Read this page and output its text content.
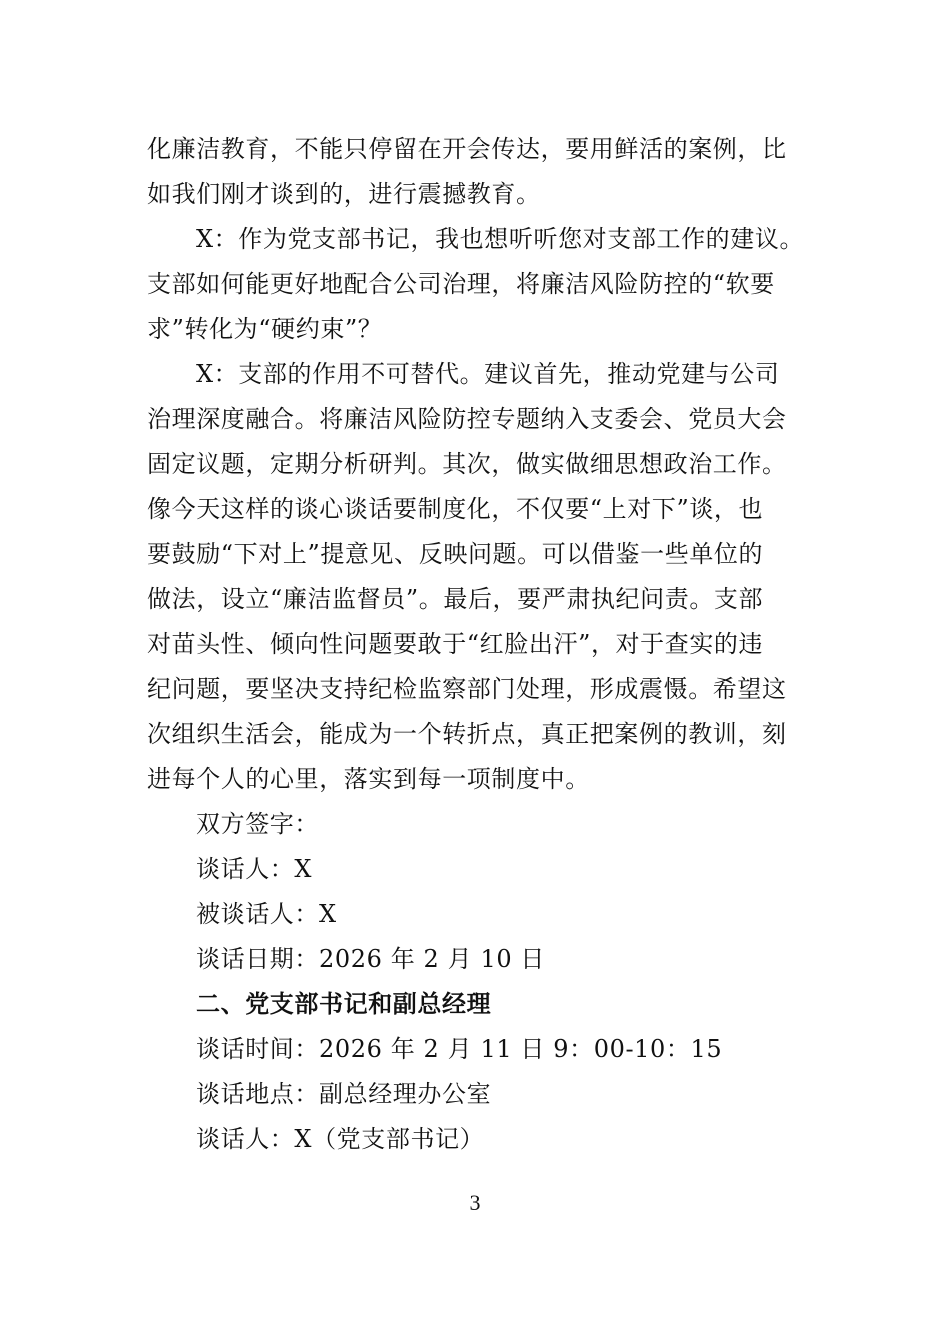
化廉洁教育，不能只停留在开会传达，要用鲜活的案例，比
如我们刚才谈到的，进行震撼教育。
X：作为党支部书记，我也想听听您对支部工作的建议。
支部如何能更好地配合公司治理，将廉洁风险防控的“软要
求”转化为“硬约束”？
X：支部的作用不可替代。建议首先，推动党建与公司
治理深度融合。将廉洁风险防控专题纳入支委会、党员大会
固定议题，定期分析研判。其次，做实做细思想政治工作。
像今天这样的谈心谈话要制度化，不仅要“上对下”谈，也
要鼓励“下对上”提意见、反映问题。可以借鉴一些单位的
做法，设立“廉洁监督员”。最后，要严肃执纪问责。支部
对苗头性、倾向性问题要敢于“红脸出汗”，对于查实的违
纪问题，要坚决支持纪检监察部门处理，形成震慑。希望这
次组织生活会，能成为一个转折点，真正把案例的教训，刻
进每个人的心里，落实到每一项制度中。
双方签字：
谈话人：X
被谈话人：X
谈话日期：2026 年 2 月 10 日
二、党支部书记和副总经理
谈话时间：2026 年 2 月 11 日 9：00-10：15
谈话地点：副总经理办公室
谈话人：X（党支部书记）
3
